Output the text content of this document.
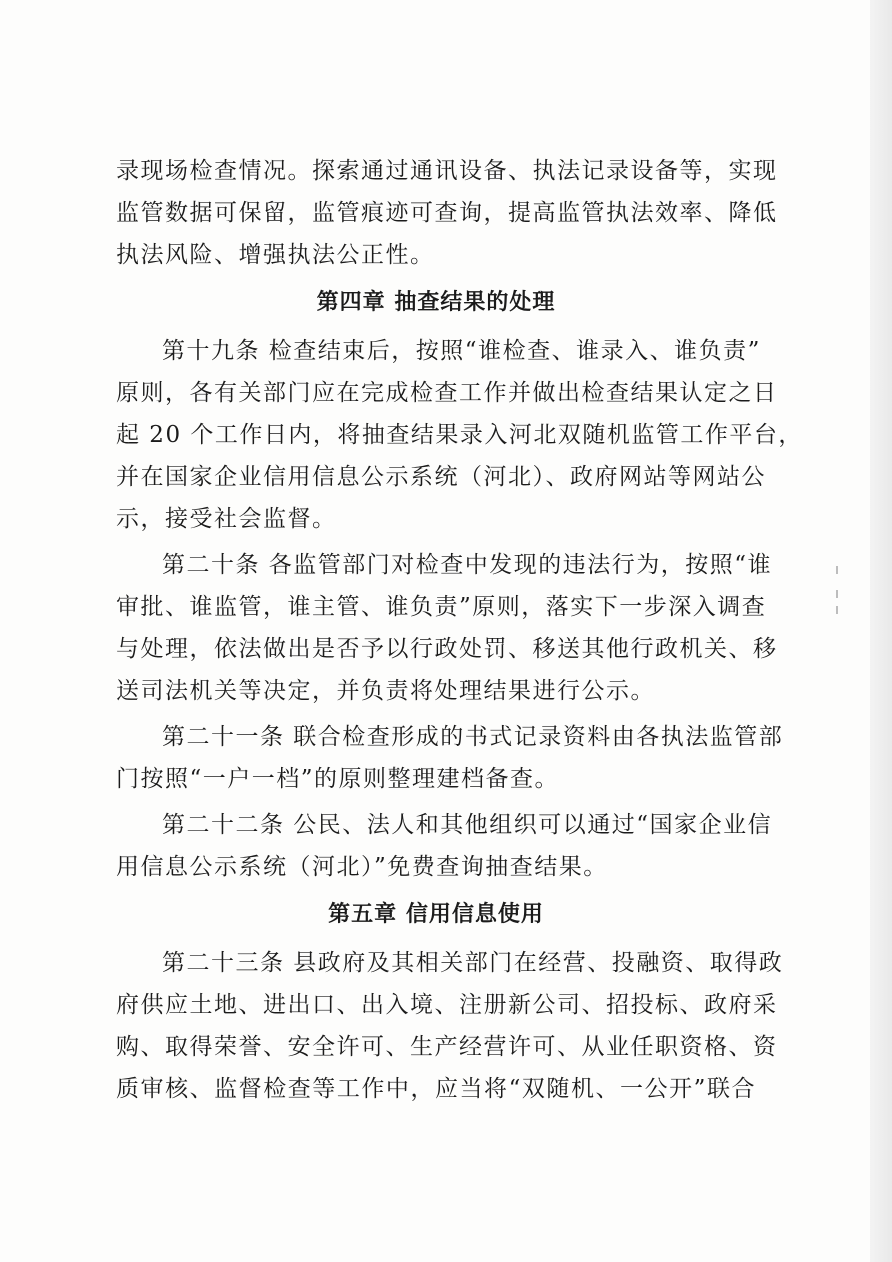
录现场检查情况。探索通过通讯设备、执法记录设备等，实现
监管数据可保留，监管痕迹可查询，提高监管执法效率、降低
执法风险、增强执法公正性。
第四章 抽查结果的处理
第十九条 检查结束后，按照“谁检查、谁录入、谁负责”
原则，各有关部门应在完成检查工作并做出检查结果认定之日
起 20 个工作日内，将抽查结果录入河北双随机监管工作平台，
并在国家企业信用信息公示系统（河北）、政府网站等网站公
示，接受社会监督。
第二十条 各监管部门对检查中发现的违法行为，按照“谁
审批、谁监管，谁主管、谁负责”原则，落实下一步深入调查
与处理，依法做出是否予以行政处罚、移送其他行政机关、移
送司法机关等决定，并负责将处理结果进行公示。
第二十一条 联合检查形成的书式记录资料由各执法监管部
门按照“一户一档”的原则整理建档备查。
第二十二条 公民、法人和其他组织可以通过“国家企业信
用信息公示系统（河北）”免费查询抽查结果。
第五章 信用信息使用
第二十三条 县政府及其相关部门在经营、投融资、取得政
府供应土地、进出口、出入境、注册新公司、招投标、政府采
购、取得荣誉、安全许可、生产经营许可、从业任职资格、资
质审核、监督检查等工作中，应当将“双随机、一公开”联合
